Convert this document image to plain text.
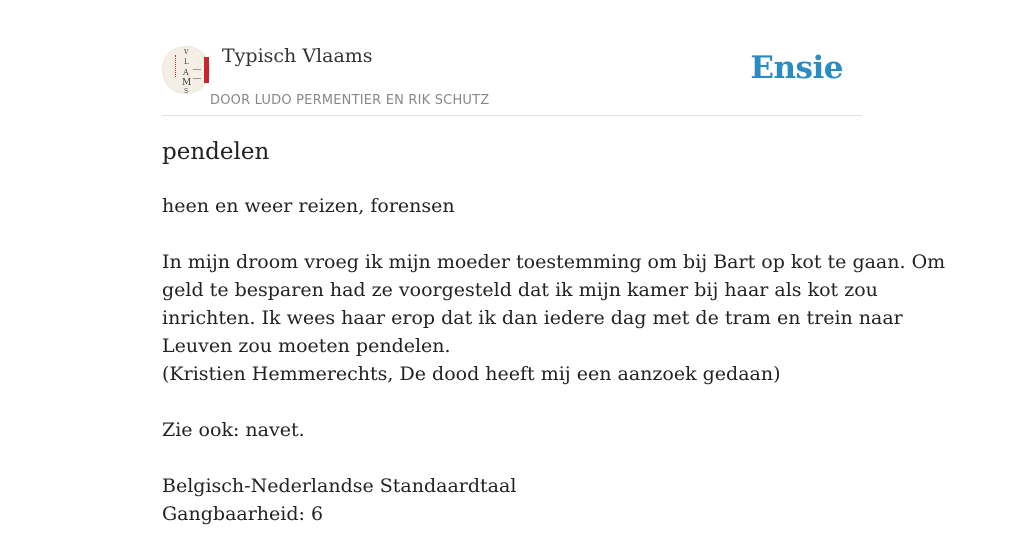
V
L
A
M
S
Typisch Vlaams
DOOR LUDO PERMENTIER EN RIK SCHUTZ
Ensie
pendelen

heen en weer reizen, forensen

In mijn droom vroeg ik mijn moeder toestemming om bij Bart op kot te gaan. Om
geld te besparen had ze voorgesteld dat ik mijn kamer bij haar als kot zou
inrichten. Ik wees haar erop dat ik dan iedere dag met de tram en trein naar
Leuven zou moeten pendelen.
(Kristien Hemmerechts, De dood heeft mij een aanzoek gedaan)

Zie ook: navet.

Belgisch-Nederlandse Standaardtaal
Gangbaarheid: 6
